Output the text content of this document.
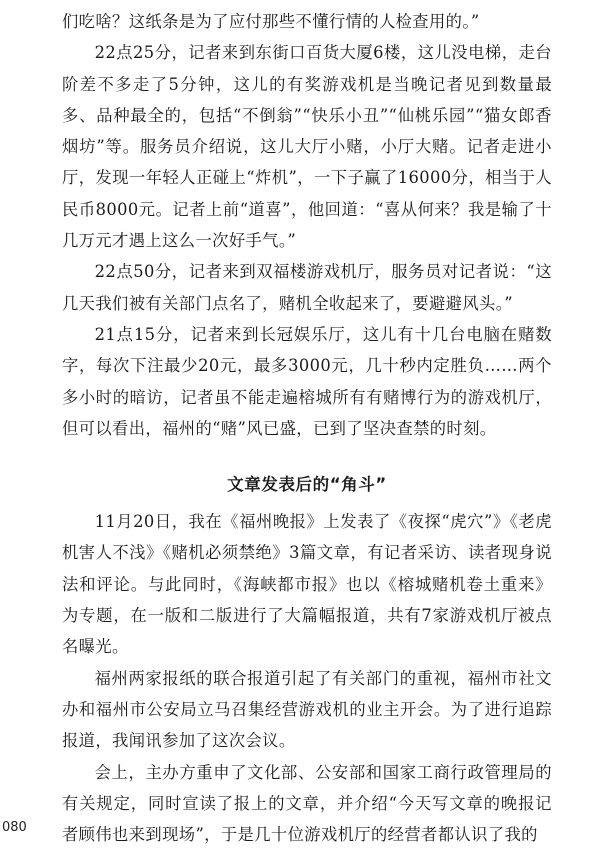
们吃啥？这纸条是为了应付那些不懂行情的人检查用的。”

22点25分，记者来到东街口百货大厦6楼，这儿没电梯，走台阶差不多走了5分钟，这儿的有奖游戏机是当晚记者见到数量最多、品种最全的，包括“不倒翁”“快乐小丑”“仙桃乐园”“猫女郎香烟坊”等。服务员介绍说，这儿大厅小赌，小厅大赌。记者走进小厅，发现一年轻人正碰上“炸机”，一下子赢了16000分，相当于人民币8000元。记者上前“道喜”，他回道：“喜从何来？我是输了十几万元才遇上这么一次好手气。”

22点50分，记者来到双福楼游戏机厅，服务员对记者说：“这几天我们被有关部门点名了，赌机全收起来了，要避避风头。”

21点15分，记者来到长冠娱乐厅，这儿有十几台电脑在赌数字，每次下注最少20元，最多3000元，几十秒内定胜负……两个多小时的暗访，记者虽不能走遍榕城所有有赌博行为的游戏机厅，但可以看出，福州的“赌”风已盛，已到了坚决查禁的时刻。

文章发表后的“角斗”

11月20日，我在《福州晚报》上发表了《夜探“虎穴”》《老虎机害人不浅》《赌机必须禁绝》3篇文章，有记者采访、读者现身说法和评论。与此同时，《海峡都市报》也以《榕城赌机卷土重来》为专题，在一版和二版进行了大篇幅报道，共有7家游戏机厅被点名曝光。

福州两家报纸的联合报道引起了有关部门的重视，福州市社文办和福州市公安局立马召集经营游戏机的业主开会。为了进行追踪报道，我闻讯参加了这次会议。

会上，主办方重申了文化部、公安部和国家工商行政管理局的有关规定，同时宣读了报上的文章，并介绍“今天写文章的晚报记者顾伟也来到现场”，于是几十位游戏机厅的经营者都认识了我的

080
